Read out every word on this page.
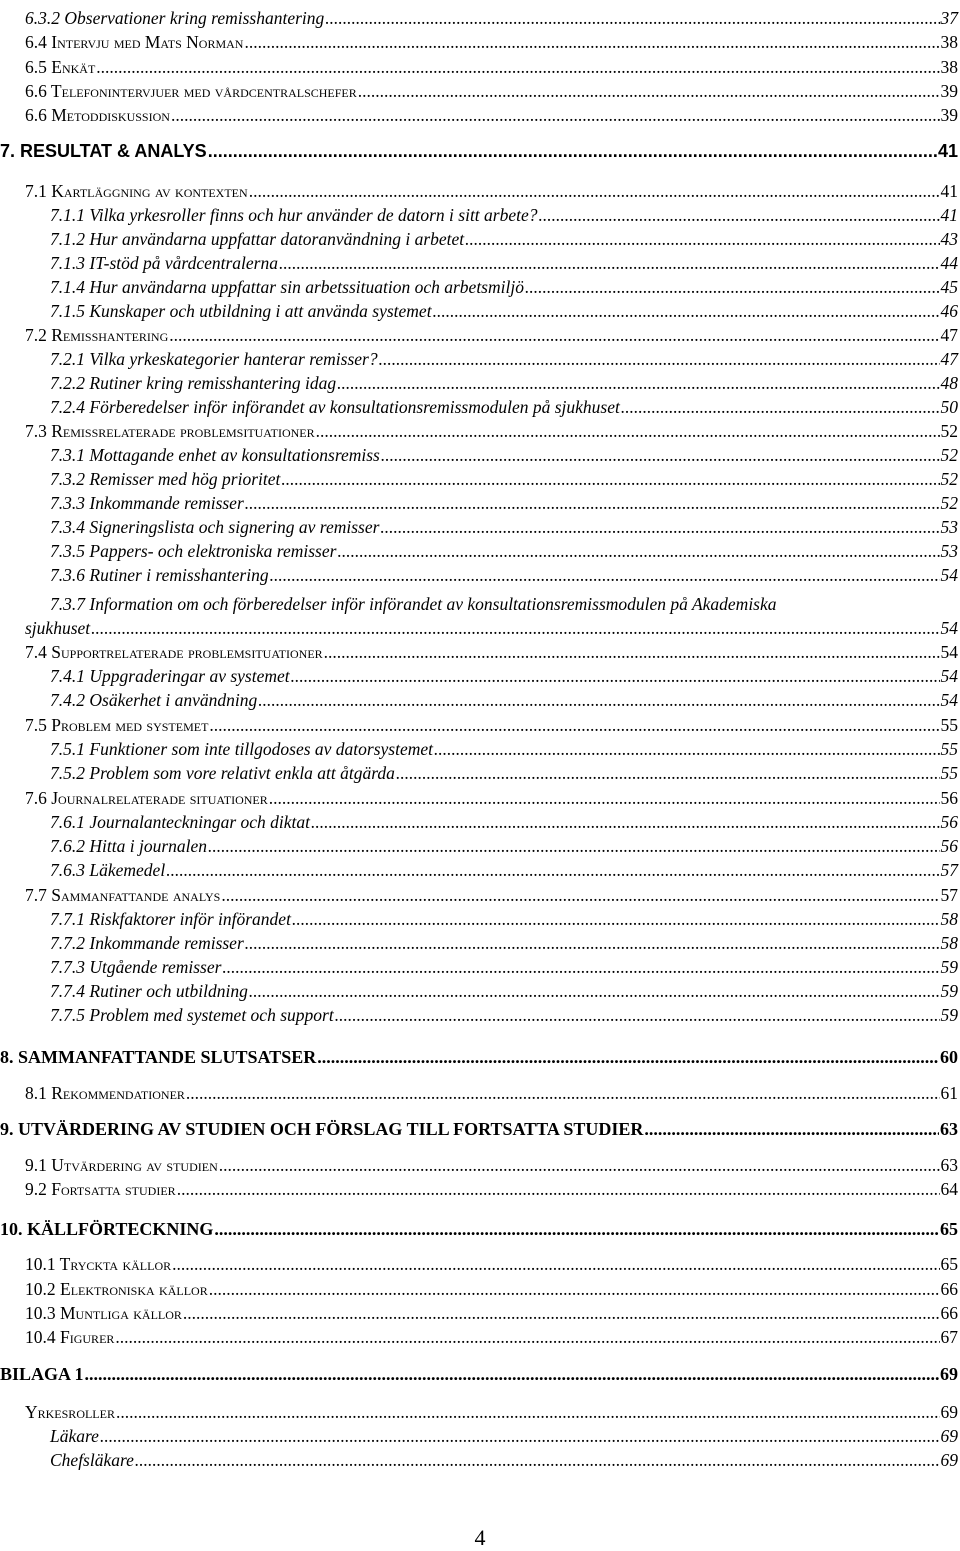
6.3.2 Observationer kring remisshantering .....	37
6.4 Intervju med Mats Norman .....	38
6.5 Enkät .....	38
6.6 Telefonintervjuer med vårdcentralschefer .....	39
6.6 Metoddiskussion .....	39
7. RESULTAT & ANALYS .....	41
7.1 Kartläggning av kontexten .....	41
7.1.1 Vilka yrkesroller finns och hur använder de datorn i sitt arbete? .....	41
7.1.2 Hur användarna uppfattar datoranvändning i arbetet .....	43
7.1.3 IT-stöd på vårdcentralerna .....	44
7.1.4 Hur användarna uppfattar sin arbetssituation och arbetsmiljö .....	45
7.1.5 Kunskaper och utbildning i att använda systemet .....	46
7.2 Remisshantering .....	47
7.2.1 Vilka yrkeskategorier hanterar remisser? .....	47
7.2.2 Rutiner kring remisshantering idag .....	48
7.2.4 Förberedelser inför införandet av konsultationsremissmodulen på sjukhuset .....	50
7.3 Remissrelaterade problemsituationer .....	52
7.3.1 Mottagande enhet av konsultationsremiss .....	52
7.3.2 Remisser med hög prioritet .....	52
7.3.3 Inkommande remisser .....	52
7.3.4 Signeringslista och signering av remisser .....	53
7.3.5 Pappers- och elektroniska remisser .....	53
7.3.6 Rutiner i remisshantering .....	54
7.3.7 Information om och förberedelser inför införandet av konsultationsremissmodulen på Akademiska
sjukhuset .....	54
7.4 Supportrelaterade problemsituationer .....	54
7.4.1 Uppgraderingar av systemet .....	54
7.4.2 Osäkerhet i användning .....	54
7.5 Problem med systemet .....	55
7.5.1 Funktioner som inte tillgodoses av datorsystemet .....	55
7.5.2 Problem som vore relativt enkla att åtgärda .....	55
7.6 Journalrelaterade situationer .....	56
7.6.1 Journalanteckningar och diktat .....	56
7.6.2 Hitta i journalen .....	56
7.6.3 Läkemedel .....	57
7.7 Sammanfattande analys .....	57
7.7.1 Riskfaktorer inför införandet .....	58
7.7.2 Inkommande remisser .....	58
7.7.3 Utgående remisser .....	59
7.7.4 Rutiner och utbildning .....	59
7.7.5 Problem med systemet och support .....	59
8. SAMMANFATTANDE SLUTSATSER .....	60
8.1 Rekommendationer .....	61
9. UTVÄRDERING AV STUDIEN OCH FÖRSLAG TILL FORTSATTA STUDIER .....	63
9.1 Utvärdering av studien .....	63
9.2 Fortsatta studier .....	64
10. KÄLLFÖRTECKNING .....	65
10.1 Tryckta källor .....	65
10.2 Elektroniska källor .....	66
10.3 Muntliga källor .....	66
10.4 Figurer .....	67
BILAGA 1 .....	69
Yrkesroller .....	69
Läkare .....	69
Chefsläkare .....	69
4
